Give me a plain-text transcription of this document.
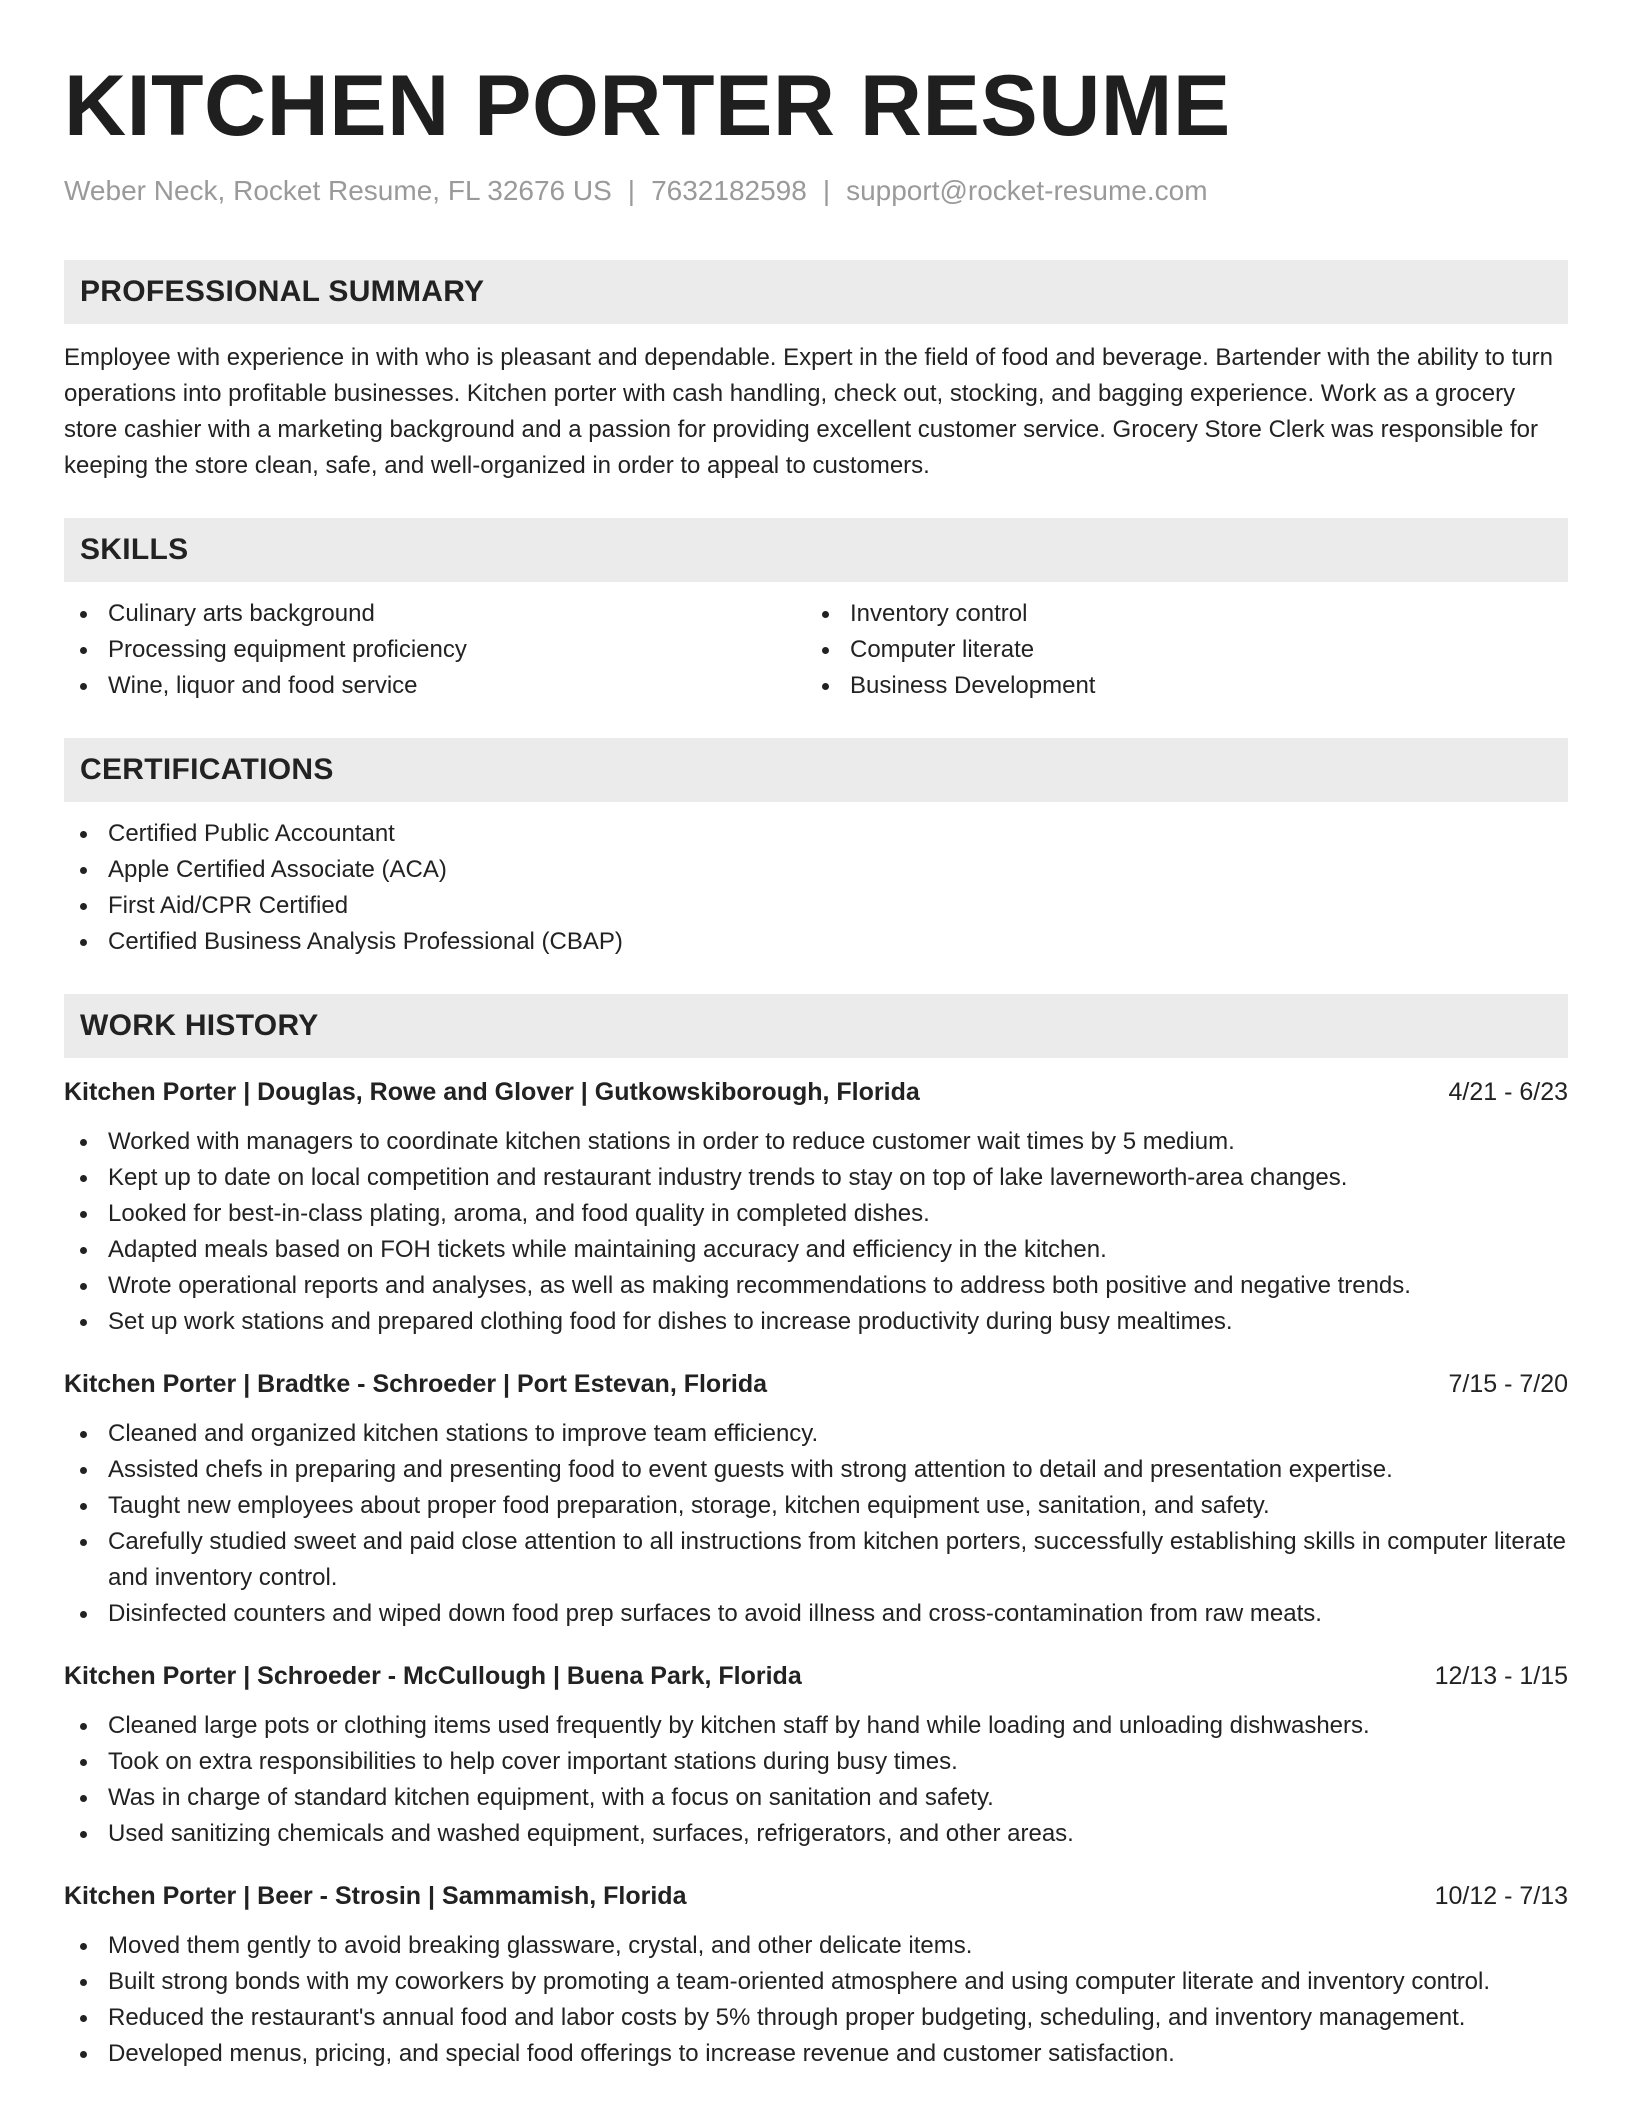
KITCHEN PORTER RESUME
Weber Neck, Rocket Resume, FL 32676 US | 7632182598 | support@rocket-resume.com
PROFESSIONAL SUMMARY
Employee with experience in with who is pleasant and dependable. Expert in the field of food and beverage. Bartender with the ability to turn operations into profitable businesses. Kitchen porter with cash handling, check out, stocking, and bagging experience. Work as a grocery store cashier with a marketing background and a passion for providing excellent customer service. Grocery Store Clerk was responsible for keeping the store clean, safe, and well-organized in order to appeal to customers.
SKILLS
Culinary arts background
Processing equipment proficiency
Wine, liquor and food service
Inventory control
Computer literate
Business Development
CERTIFICATIONS
Certified Public Accountant
Apple Certified Associate (ACA)
First Aid/CPR Certified
Certified Business Analysis Professional (CBAP)
WORK HISTORY
Kitchen Porter | Douglas, Rowe and Glover | Gutkowskiborough, Florida	4/21 - 6/23
Worked with managers to coordinate kitchen stations in order to reduce customer wait times by 5 medium.
Kept up to date on local competition and restaurant industry trends to stay on top of lake laverneworth-area changes.
Looked for best-in-class plating, aroma, and food quality in completed dishes.
Adapted meals based on FOH tickets while maintaining accuracy and efficiency in the kitchen.
Wrote operational reports and analyses, as well as making recommendations to address both positive and negative trends.
Set up work stations and prepared clothing food for dishes to increase productivity during busy mealtimes.
Kitchen Porter | Bradtke - Schroeder | Port Estevan, Florida	7/15 - 7/20
Cleaned and organized kitchen stations to improve team efficiency.
Assisted chefs in preparing and presenting food to event guests with strong attention to detail and presentation expertise.
Taught new employees about proper food preparation, storage, kitchen equipment use, sanitation, and safety.
Carefully studied sweet and paid close attention to all instructions from kitchen porters, successfully establishing skills in computer literate and inventory control.
Disinfected counters and wiped down food prep surfaces to avoid illness and cross-contamination from raw meats.
Kitchen Porter | Schroeder - McCullough | Buena Park, Florida	12/13 - 1/15
Cleaned large pots or clothing items used frequently by kitchen staff by hand while loading and unloading dishwashers.
Took on extra responsibilities to help cover important stations during busy times.
Was in charge of standard kitchen equipment, with a focus on sanitation and safety.
Used sanitizing chemicals and washed equipment, surfaces, refrigerators, and other areas.
Kitchen Porter | Beer - Strosin | Sammamish, Florida	10/12 - 7/13
Moved them gently to avoid breaking glassware, crystal, and other delicate items.
Built strong bonds with my coworkers by promoting a team-oriented atmosphere and using computer literate and inventory control.
Reduced the restaurant's annual food and labor costs by 5% through proper budgeting, scheduling, and inventory management.
Developed menus, pricing, and special food offerings to increase revenue and customer satisfaction.
